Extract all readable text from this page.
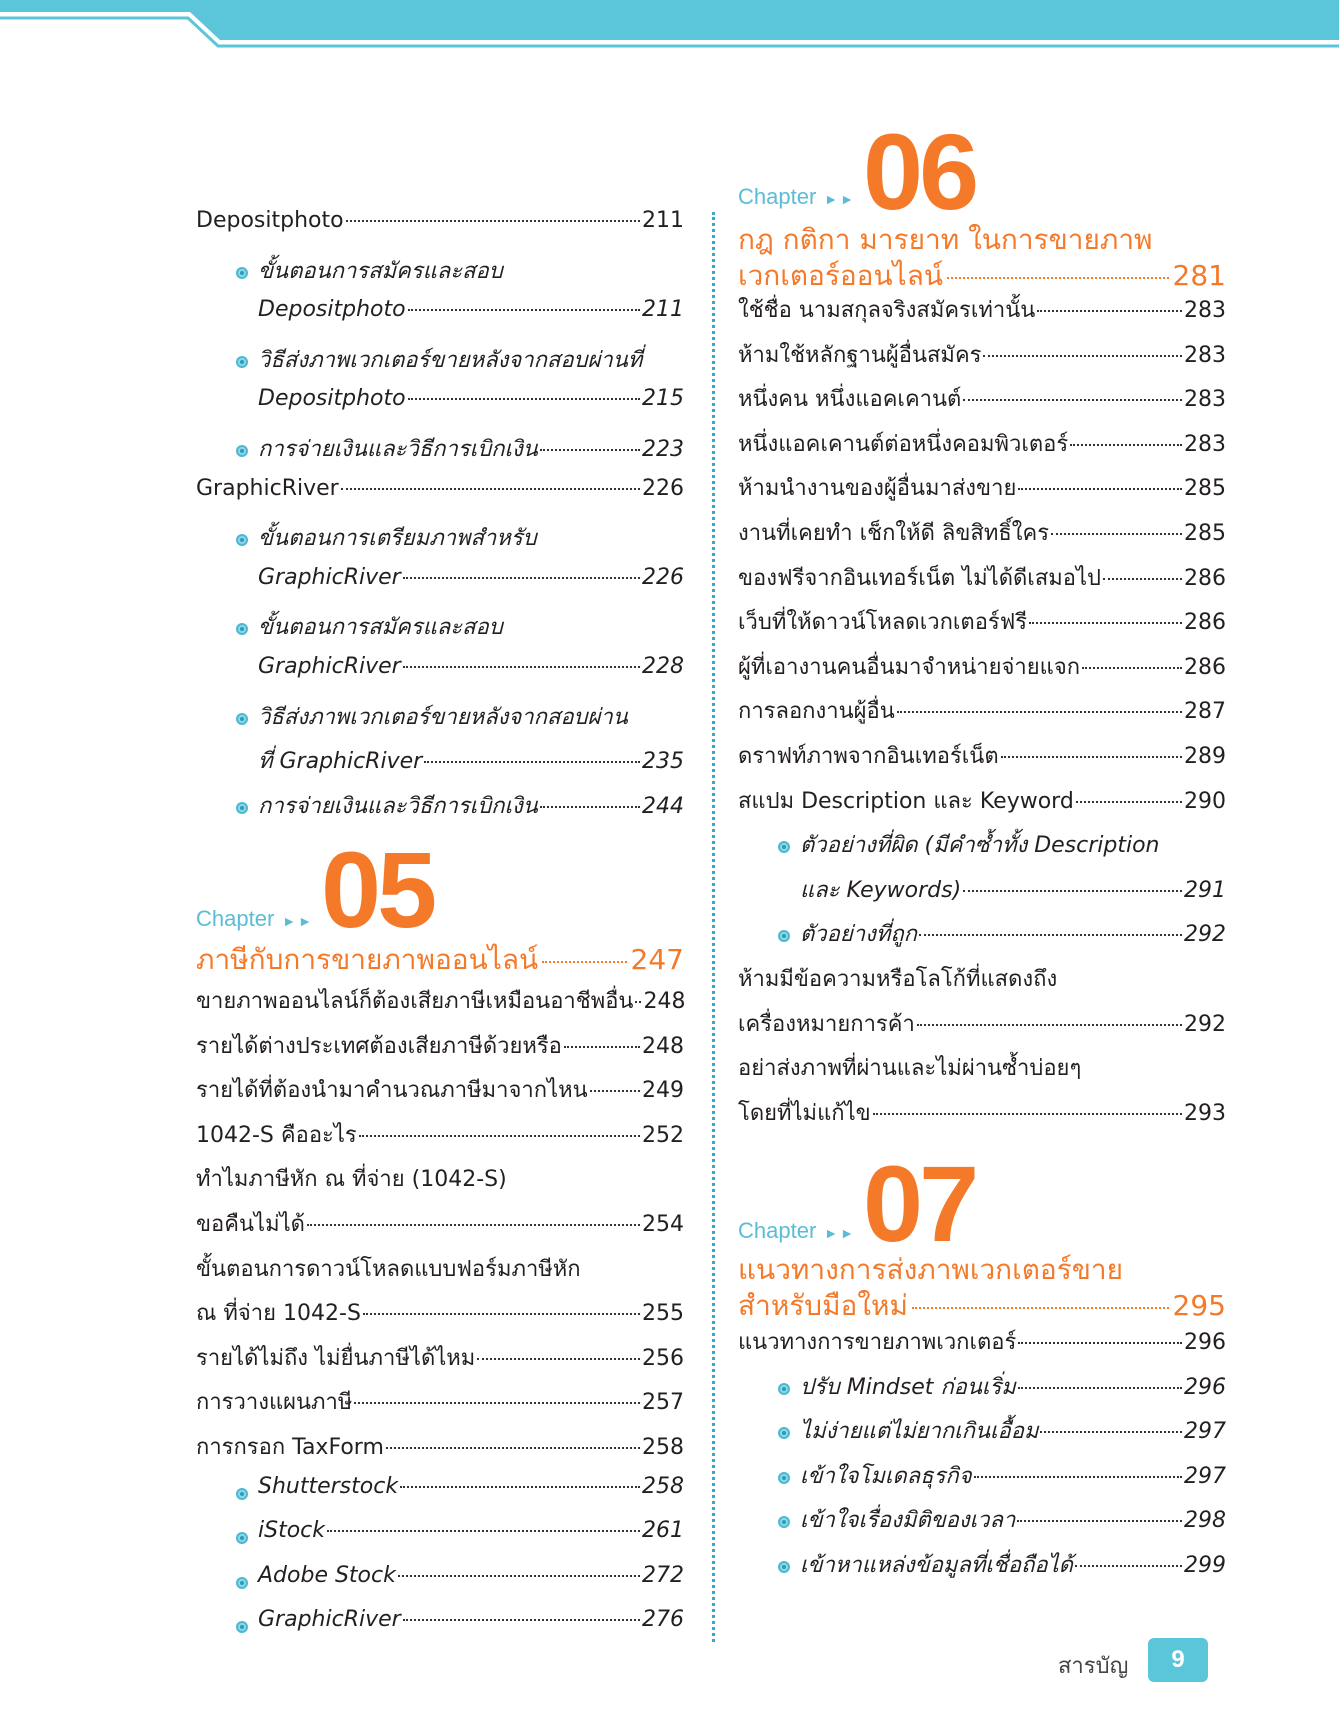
Depositphoto	211
ขั้นตอนการสมัครและสอบ
Depositphoto	211
วิธีส่งภาพเวกเตอร์ขายหลังจากสอบผ่านที่
Depositphoto	215
การจ่ายเงินและวิธีการเบิกเงิน	223
GraphicRiver	226
ขั้นตอนการเตรียมภาพสำหรับ
GraphicRiver	226
ขั้นตอนการสมัครและสอบ
GraphicRiver	228
วิธีส่งภาพเวกเตอร์ขายหลังจากสอบผ่าน
ที่ GraphicRiver	235
การจ่ายเงินและวิธีการเบิกเงิน	244
Chapter ►► 05
ภาษีกับการขายภาพออนไลน์	247
ขายภาพออนไลน์ก็ต้องเสียภาษีเหมือนอาชีพอื่น 248
รายได้ต่างประเทศต้องเสียภาษีด้วยหรือ	248
รายได้ที่ต้องนำมาคำนวณภาษีมาจากไหน 249
1042-S คืออะไร	252
ทำไมภาษีหัก ณ ที่จ่าย (1042-S)
ขอคืนไม่ได้	254
ขั้นตอนการดาวน์โหลดแบบฟอร์มภาษีหัก
ณ ที่จ่าย 1042-S	255
รายได้ไม่ถึง ไม่ยื่นภาษีได้ไหม	256
การวางแผนภาษี	257
การกรอก TaxForm	258
Shutterstock	258
iStock	261
Adobe Stock	272
GraphicRiver	276
Chapter ►► 06
กฎ กติกา มารยาท ในการขายภาพ
เวกเตอร์ออนไลน์	281
ใช้ชื่อ นามสกุลจริงสมัครเท่านั้น	283
ห้ามใช้หลักฐานผู้อื่นสมัคร	283
หนึ่งคน หนึ่งแอคเคานต์	283
หนึ่งแอคเคานต์ต่อหนึ่งคอมพิวเตอร์	283
ห้ามนำงานของผู้อื่นมาส่งขาย	285
งานที่เคยทำ เช็กให้ดี ลิขสิทธิ์ใคร	285
ของฟรีจากอินเทอร์เน็ต ไม่ได้ดีเสมอไป	286
เว็บที่ให้ดาวน์โหลดเวกเตอร์ฟรี	286
ผู้ที่เอางานคนอื่นมาจำหน่ายจ่ายแจก	286
การลอกงานผู้อื่น	287
ดราฟท์ภาพจากอินเทอร์เน็ต	289
สแปม Description และ Keyword	290
ตัวอย่างที่ผิด (มีคำซ้ำทั้ง Description
และ Keywords)	291
ตัวอย่างที่ถูก	292
ห้ามมีข้อความหรือโลโก้ที่แสดงถึง
เครื่องหมายการค้า	292
อย่าส่งภาพที่ผ่านและไม่ผ่านซ้ำบ่อยๆ
โดยที่ไม่แก้ไข	293
Chapter ►► 07
แนวทางการส่งภาพเวกเตอร์ขาย
สำหรับมือใหม่	295
แนวทางการขายภาพเวกเตอร์	296
ปรับ Mindset ก่อนเริ่ม	296
ไม่ง่ายแต่ไม่ยากเกินเอื้อม	297
เข้าใจโมเดลธุรกิจ	297
เข้าใจเรื่องมิติของเวลา	298
เข้าหาแหล่งข้อมูลที่เชื่อถือได้	299
สารบัญ	9
